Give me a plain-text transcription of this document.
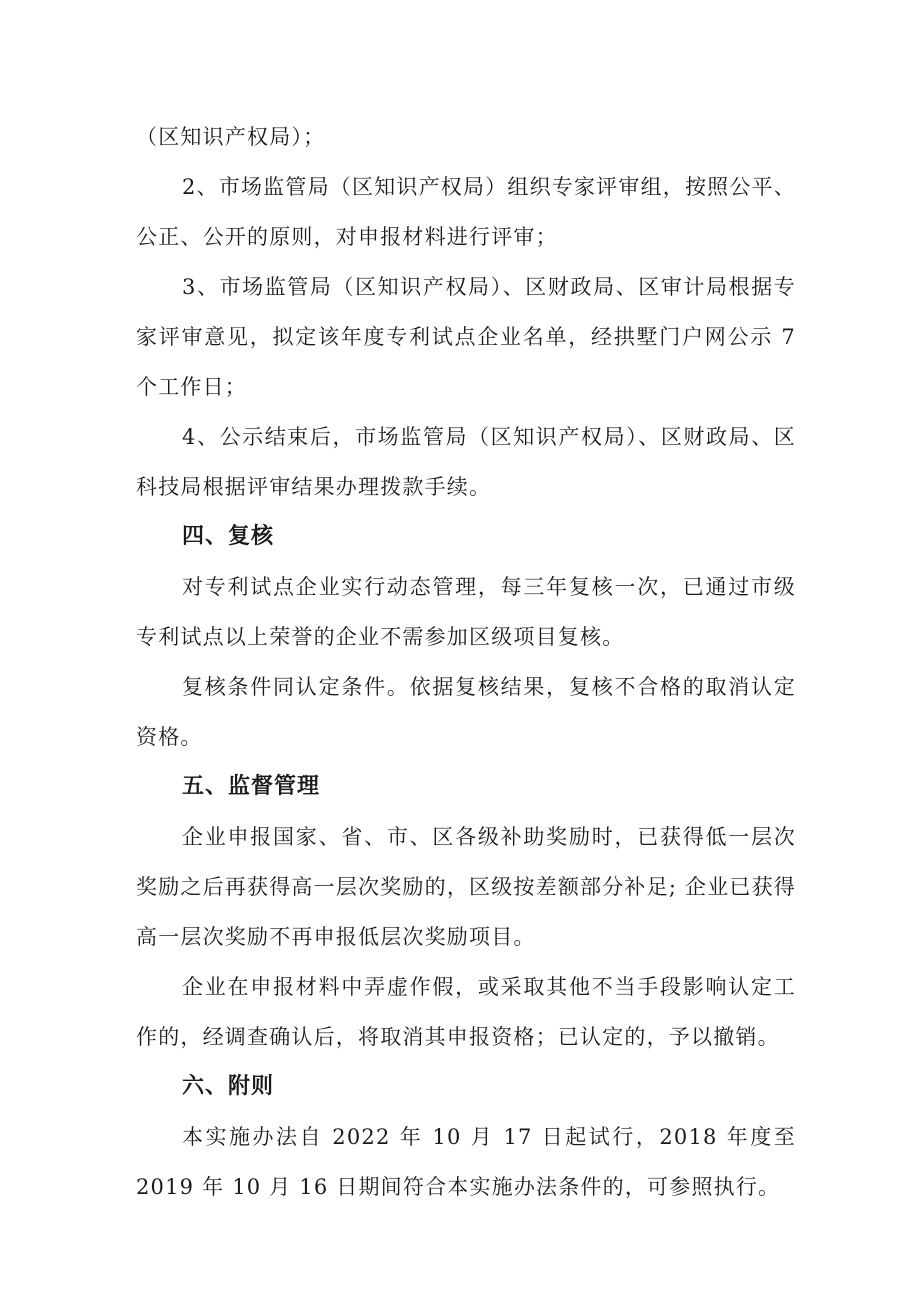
（区知识产权局）；

2、市场监管局（区知识产权局）组织专家评审组，按照公平、公正、公开的原则，对申报材料进行评审；

3、市场监管局（区知识产权局）、区财政局、区审计局根据专家评审意见，拟定该年度专利试点企业名单，经拱墅门户网公示 7 个工作日；

4、公示结束后，市场监管局（区知识产权局）、区财政局、区科技局根据评审结果办理拨款手续。

四、复核

对专利试点企业实行动态管理，每三年复核一次，已通过市级专利试点以上荣誉的企业不需参加区级项目复核。

复核条件同认定条件。依据复核结果，复核不合格的取消认定资格。

五、监督管理

企业申报国家、省、市、区各级补助奖励时，已获得低一层次奖励之后再获得高一层次奖励的，区级按差额部分补足; 企业已获得高一层次奖励不再申报低层次奖励项目。

企业在申报材料中弄虚作假，或采取其他不当手段影响认定工作的，经调查确认后，将取消其申报资格；已认定的，予以撤销。

六、附则

本实施办法自 2022 年 10 月 17 日起试行，2018 年度至 2019 年 10 月 16 日期间符合本实施办法条件的，可参照执行。
